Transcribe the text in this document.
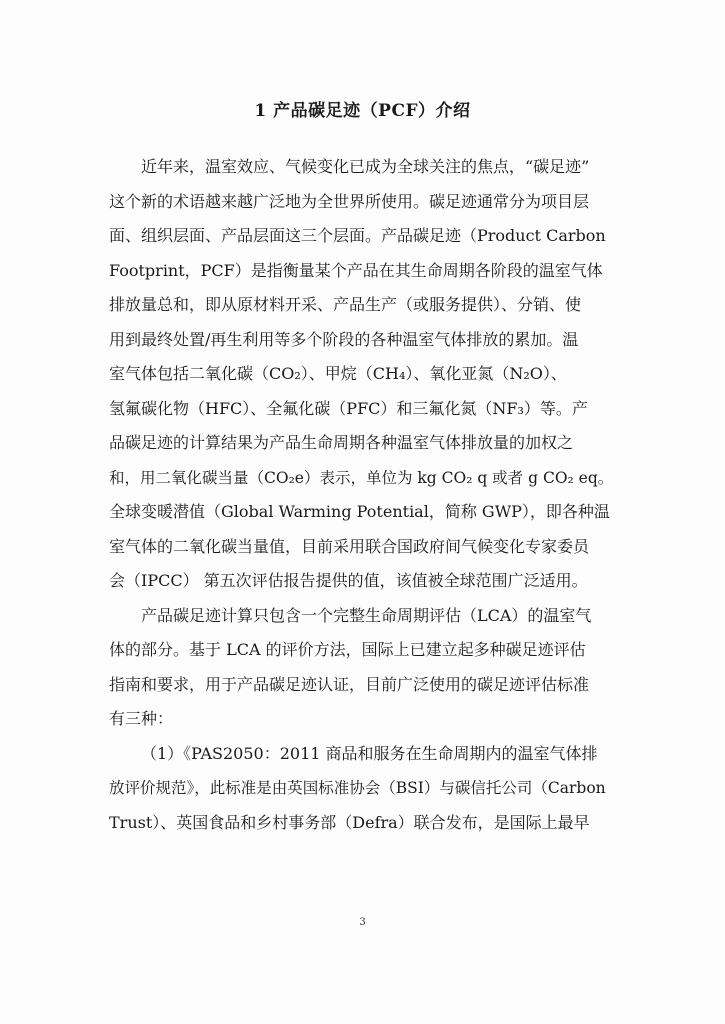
1 产品碳足迹（PCF）介绍
近年来，温室效应、气候变化已成为全球关注的焦点，“碳足迹”
这个新的术语越来越广泛地为全世界所使用。碳足迹通常分为项目层
面、组织层面、产品层面这三个层面。产品碳足迹（Product Carbon
Footprint，PCF）是指衡量某个产品在其生命周期各阶段的温室气体
排放量总和，即从原材料开采、产品生产（或服务提供）、分销、使
用到最终处置/再生利用等多个阶段的各种温室气体排放的累加。温
室气体包括二氧化碳（CO₂）、甲烷（CH₄）、氧化亚氮（N₂O）、
氢氟碳化物（HFC）、全氟化碳（PFC）和三氟化氮（NF₃）等。产
品碳足迹的计算结果为产品生命周期各种温室气体排放量的加权之
和，用二氧化碳当量（CO₂e）表示，单位为 kg CO₂ q 或者 g CO₂ eq。
全球变暖潜值（Global Warming Potential，简称 GWP），即各种温
室气体的二氧化碳当量值，目前采用联合国政府间气候变化专家委员
会（IPCC） 第五次评估报告提供的值，该值被全球范围广泛适用。
产品碳足迹计算只包含一个完整生命周期评估（LCA）的温室气
体的部分。基于 LCA 的评价方法，国际上已建立起多种碳足迹评估
指南和要求，用于产品碳足迹认证，目前广泛使用的碳足迹评估标准
有三种：
（1）《PAS2050：2011 商品和服务在生命周期内的温室气体排
放评价规范》，此标准是由英国标准协会（BSI）与碳信托公司（Carbon
Trust）、英国食品和乡村事务部（Defra）联合发布，是国际上最早
3
